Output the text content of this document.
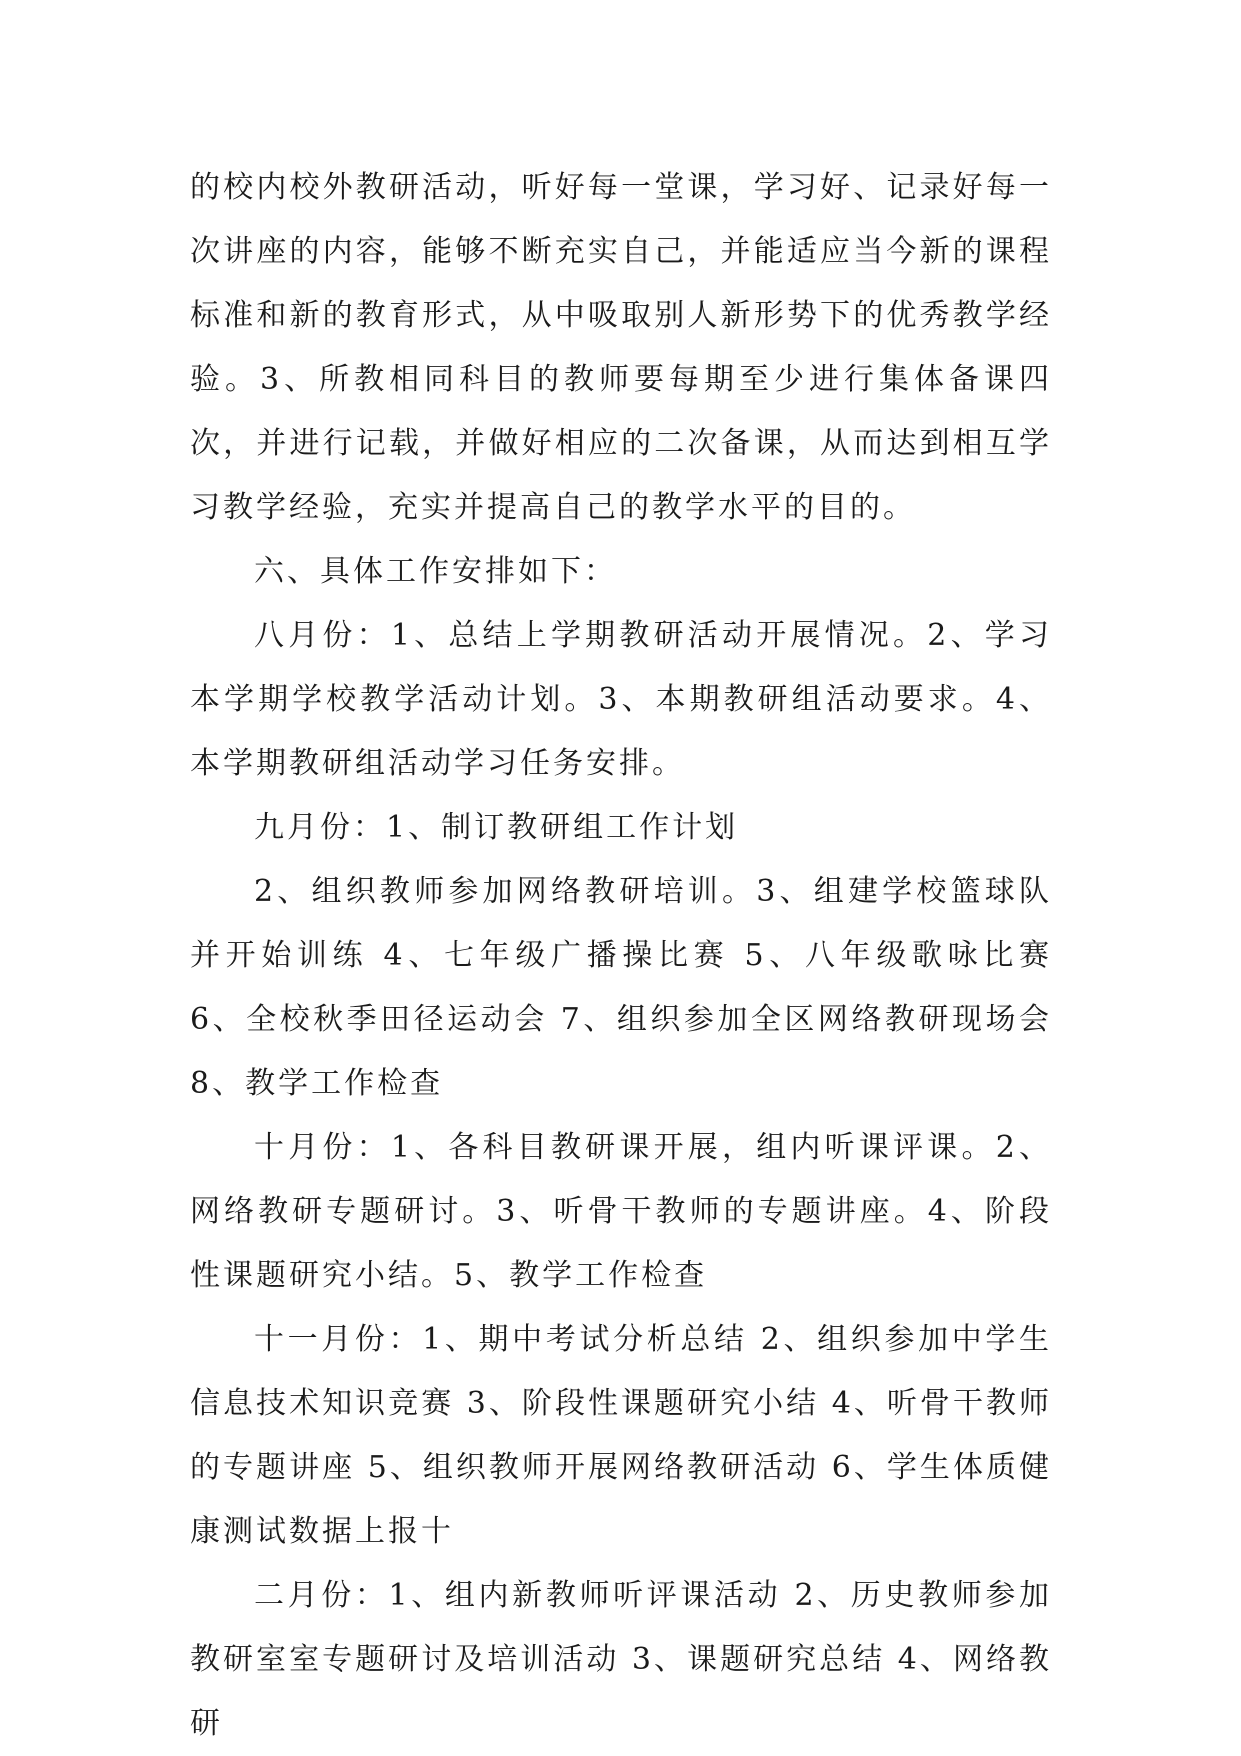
的校内校外教研活动，听好每一堂课，学习好、记录好每一次讲座的内容，能够不断充实自己，并能适应当今新的课程标准和新的教育形式，从中吸取别人新形势下的优秀教学经验。3、所教相同科目的教师要每期至少进行集体备课四次，并进行记载，并做好相应的二次备课，从而达到相互学习教学经验，充实并提高自己的教学水平的目的。

六、具体工作安排如下：

八月份：1、总结上学期教研活动开展情况。2、学习本学期学校教学活动计划。3、本期教研组活动要求。4、本学期教研组活动学习任务安排。

九月份：1、制订教研组工作计划

2、组织教师参加网络教研培训。3、组建学校篮球队并开始训练 4、七年级广播操比赛 5、八年级歌咏比赛 6、全校秋季田径运动会 7、组织参加全区网络教研现场会 8、教学工作检查

十月份：1、各科目教研课开展，组内听课评课。2、网络教研专题研讨。3、听骨干教师的专题讲座。4、阶段性课题研究小结。5、教学工作检查

十一月份：1、期中考试分析总结 2、组织参加中学生信息技术知识竞赛 3、阶段性课题研究小结 4、听骨干教师的专题讲座 5、组织教师开展网络教研活动 6、学生体质健康测试数据上报十

二月份：1、组内新教师听评课活动 2、历史教师参加教研室室专题研讨及培训活动 3、课题研究总结 4、网络教研
